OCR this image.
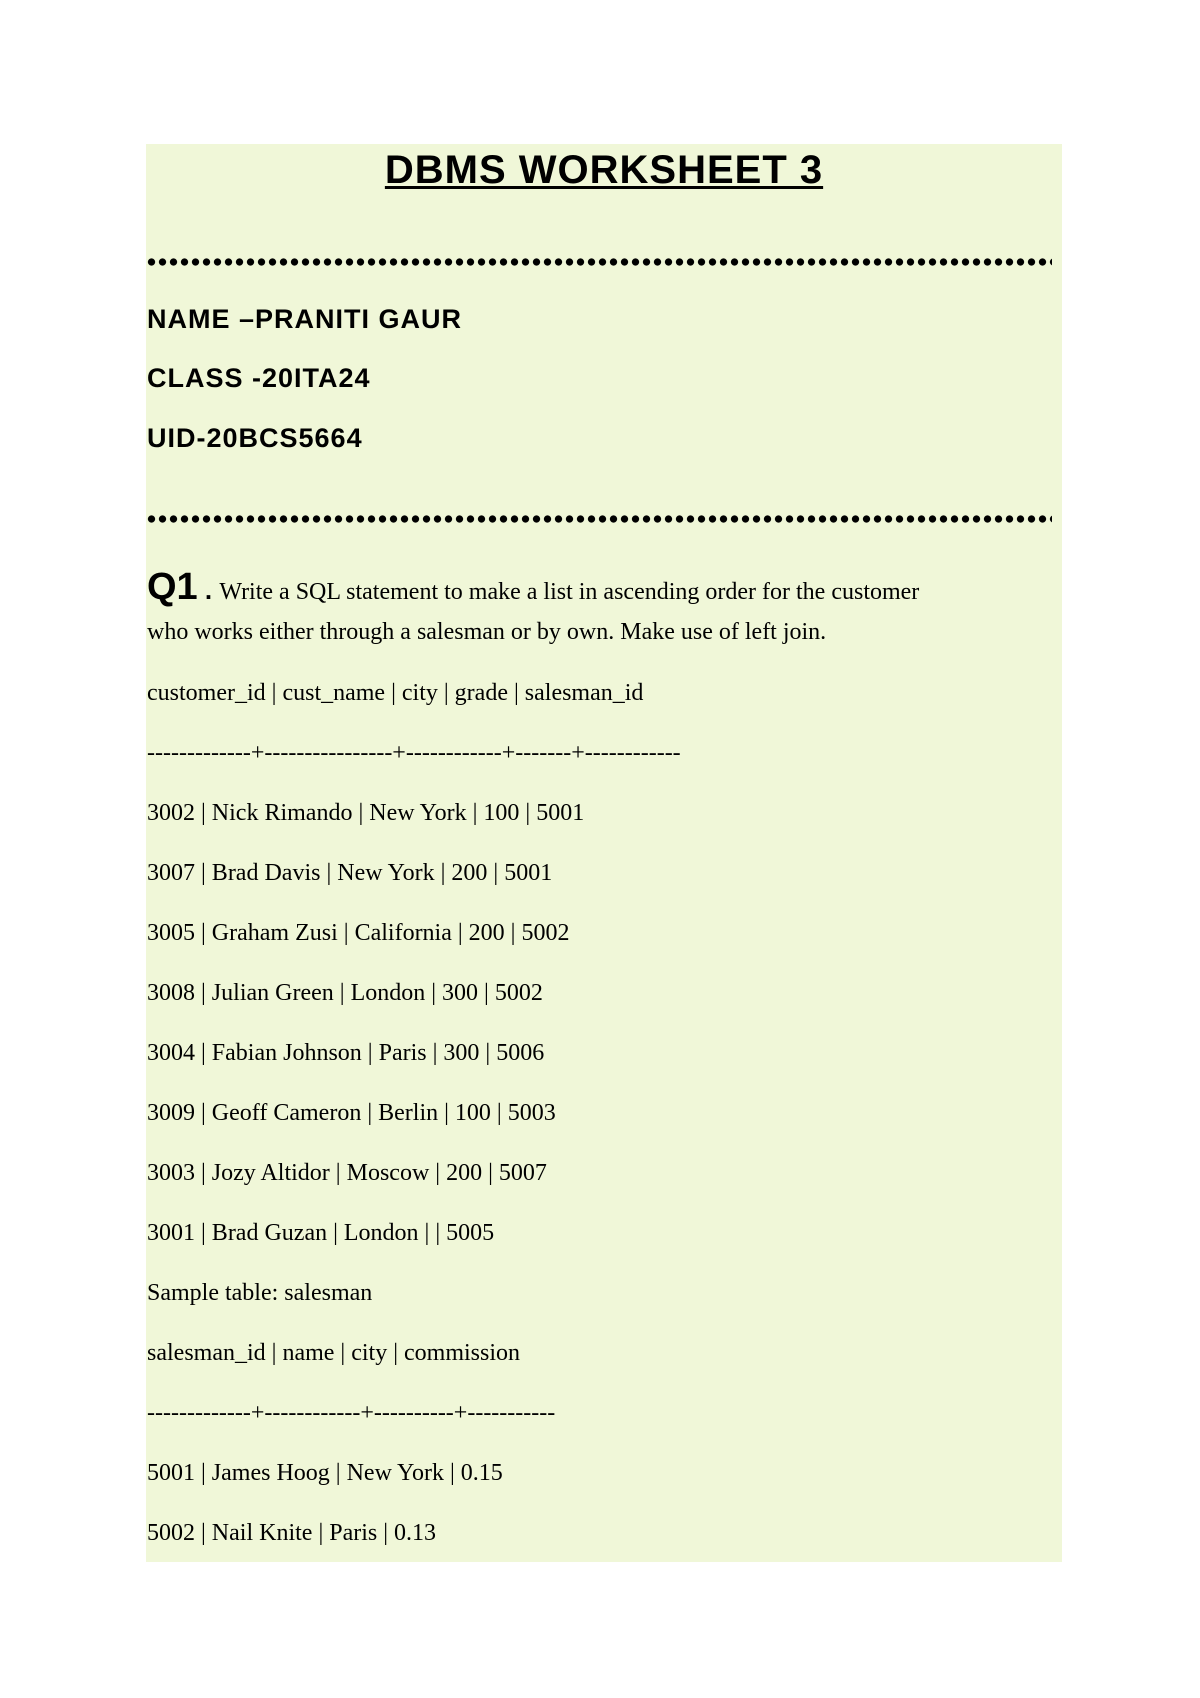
DBMS WORKSHEET 3
NAME –PRANITI GAUR
CLASS -20ITA24
UID-20BCS5664
Q1 . Write a SQL statement to make a list in ascending order for the customer
who works either through a salesman or by own. Make use of left join.
customer_id | cust_name | city | grade | salesman_id
-------------+----------------+------------+-------+------------
3002 | Nick Rimando | New York | 100 | 5001
3007 | Brad Davis | New York | 200 | 5001
3005 | Graham Zusi | California | 200 | 5002
3008 | Julian Green | London | 300 | 5002
3004 | Fabian Johnson | Paris | 300 | 5006
3009 | Geoff Cameron | Berlin | 100 | 5003
3003 | Jozy Altidor | Moscow | 200 | 5007
3001 | Brad Guzan | London | | 5005
Sample table: salesman
salesman_id | name | city | commission
-------------+------------+----------+-----------
5001 | James Hoog | New York | 0.15
5002 | Nail Knite | Paris | 0.13
